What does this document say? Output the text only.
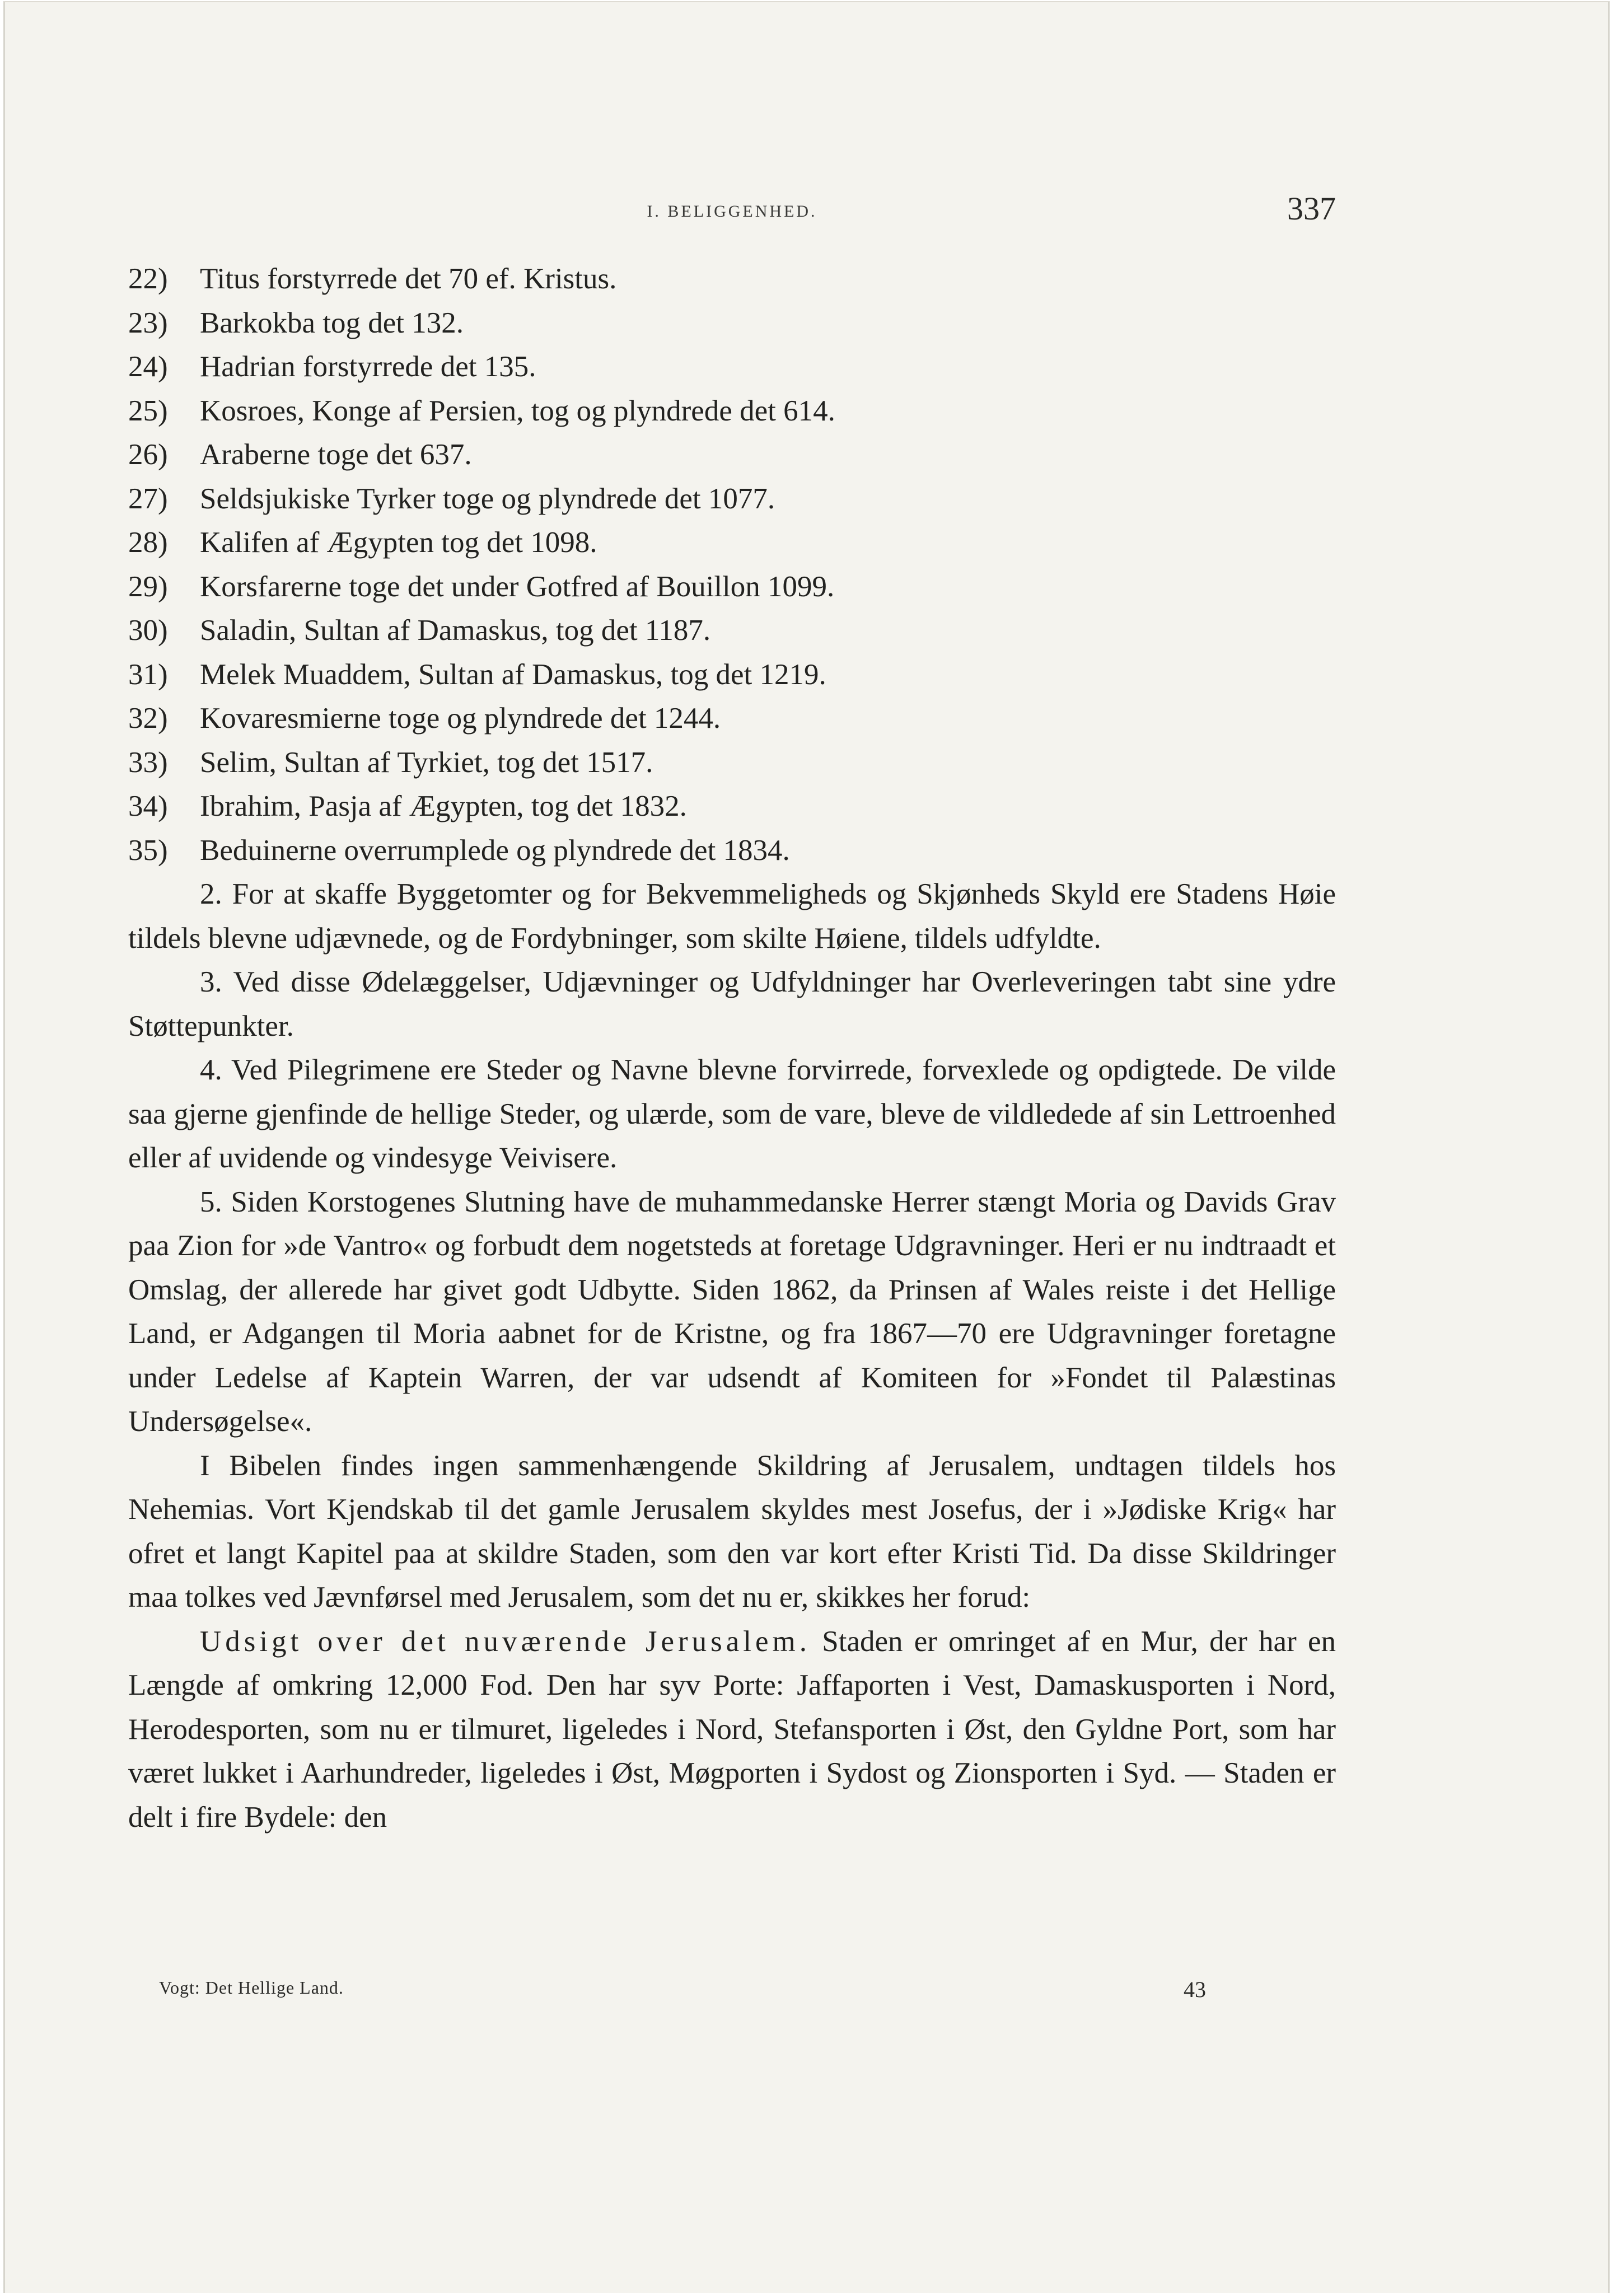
I. BELIGGENHED.	337
22) Titus forstyrrede det 70 ef. Kristus.
23) Barkokba tog det 132.
24) Hadrian forstyrrede det 135.
25) Kosroes, Konge af Persien, tog og plyndrede det 614.
26) Araberne toge det 637.
27) Seldsjukiske Tyrker toge og plyndrede det 1077.
28) Kalifen af Ægypten tog det 1098.
29) Korsfarerne toge det under Gotfred af Bouillon 1099.
30) Saladin, Sultan af Damaskus, tog det 1187.
31) Melek Muaddem, Sultan af Damaskus, tog det 1219.
32) Kovaresmierne toge og plyndrede det 1244.
33) Selim, Sultan af Tyrkiet, tog det 1517.
34) Ibrahim, Pasja af Ægypten, tog det 1832.
35) Beduinerne overrumplede og plyndrede det 1834.

2. For at skaffe Byggetomter og for Bekvemmeligheds og Skjønheds Skyld ere Stadens Høie tildels blevne udjævnede, og de Fordybninger, som skilte Høiene, tildels udfyldte.

3. Ved disse Ødelæggelser, Udjævninger og Udfyldninger har Overleveringen tabt sine ydre Støttepunkter.

4. Ved Pilegrimene ere Steder og Navne blevne forvirrede, forvexlede og opdigtede. De vilde saa gjerne gjenfinde de hellige Steder, og ulærde, som de vare, bleve de vildledede af sin Lettroenhed eller af uvidende og vindesyge Veivisere.

5. Siden Korstogenes Slutning have de muhammedanske Herrer stængt Moria og Davids Grav paa Zion for »de Vantro« og forbudt dem nogetsteds at foretage Udgravninger. Heri er nu indtraadt et Omslag, der allerede har givet godt Udbytte. Siden 1862, da Prinsen af Wales reiste i det Hellige Land, er Adgangen til Moria aabnet for de Kristne, og fra 1867—70 ere Udgravninger foretagne under Ledelse af Kaptein Warren, der var udsendt af Komiteen for »Fondet til Palæstinas Undersøgelse«.

I Bibelen findes ingen sammenhængende Skildring af Jerusalem, undtagen tildels hos Nehemias. Vort Kjendskab til det gamle Jerusalem skyldes mest Josefus, der i »Jødiske Krig« har ofret et langt Kapitel paa at skildre Staden, som den var kort efter Kristi Tid. Da disse Skildringer maa tolkes ved Jævnførsel med Jerusalem, som det nu er, skikkes her forud:

Udsigt over det nuværende Jerusalem. Staden er omringet af en Mur, der har en Længde af omkring 12,000 Fod. Den har syv Porte: Jaffaporten i Vest, Damaskusporten i Nord, Herodesporten, som nu er tilmuret, ligeledes i Nord, Stefansporten i Øst, den Gyldne Port, som har været lukket i Aarhundreder, ligeledes i Øst, Møgporten i Sydost og Zionsporten i Syd. — Staden er delt i fire Bydele: den

Vogt: Det Hellige Land.	43
